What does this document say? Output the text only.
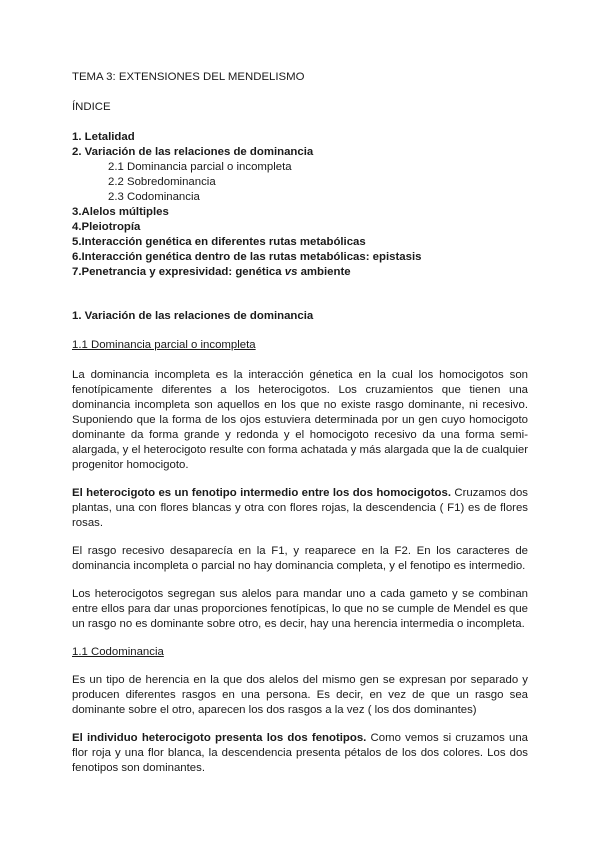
TEMA 3: EXTENSIONES DEL MENDELISMO
ÍNDICE
1. Letalidad
2. Variación de las relaciones de dominancia
2.1 Dominancia parcial o incompleta
2.2 Sobredominancia
2.3 Codominancia
3.Alelos múltiples
4.Pleiotropía
5.Interacción genética en diferentes rutas metabólicas
6.Interacción genética dentro de las rutas metabólicas: epistasis
7.Penetrancia y expresividad: genética vs ambiente
1. Variación de las relaciones de dominancia
1.1 Dominancia parcial o incompleta

La dominancia incompleta es la interacción génetica en la cual los homocigotos son fenotípicamente diferentes a los heterocigotos. Los cruzamientos que tienen una dominancia incompleta son aquellos en los que no existe rasgo dominante, ni recesivo. Suponiendo que la forma de los ojos estuviera determinada por un gen cuyo homocigoto dominante da forma grande y redonda y el homocigoto recesivo da una forma semi-alargada, y el heterocigoto resulte con forma achatada y más alargada que la de cualquier progenitor homocigoto.

El heterocigoto es un fenotipo intermedio entre los dos homocigotos. Cruzamos dos plantas, una con flores blancas y otra con flores rojas, la descendencia ( F1) es de flores rosas.

El rasgo recesivo desaparecía en la F1, y reaparece en la F2. En los caracteres de dominancia incompleta o parcial no hay dominancia completa, y el fenotipo es intermedio.

Los heterocigotos segregan sus alelos para mandar uno a cada gameto y se combinan entre ellos para dar unas proporciones fenotípicas, lo que no se cumple de Mendel es que un rasgo no es dominante sobre otro, es decir, hay una herencia intermedia o incompleta.

1.1 Codominancia

Es un tipo de herencia en la que dos alelos del mismo gen se expresan por separado y producen diferentes rasgos en una persona. Es decir, en vez de que un rasgo sea dominante sobre el otro, aparecen los dos rasgos a la vez ( los dos dominantes)

El individuo heterocigoto presenta los dos fenotipos. Como vemos si cruzamos una flor roja y una flor blanca, la descendencia presenta pétalos de los dos colores. Los dos fenotipos son dominantes.
